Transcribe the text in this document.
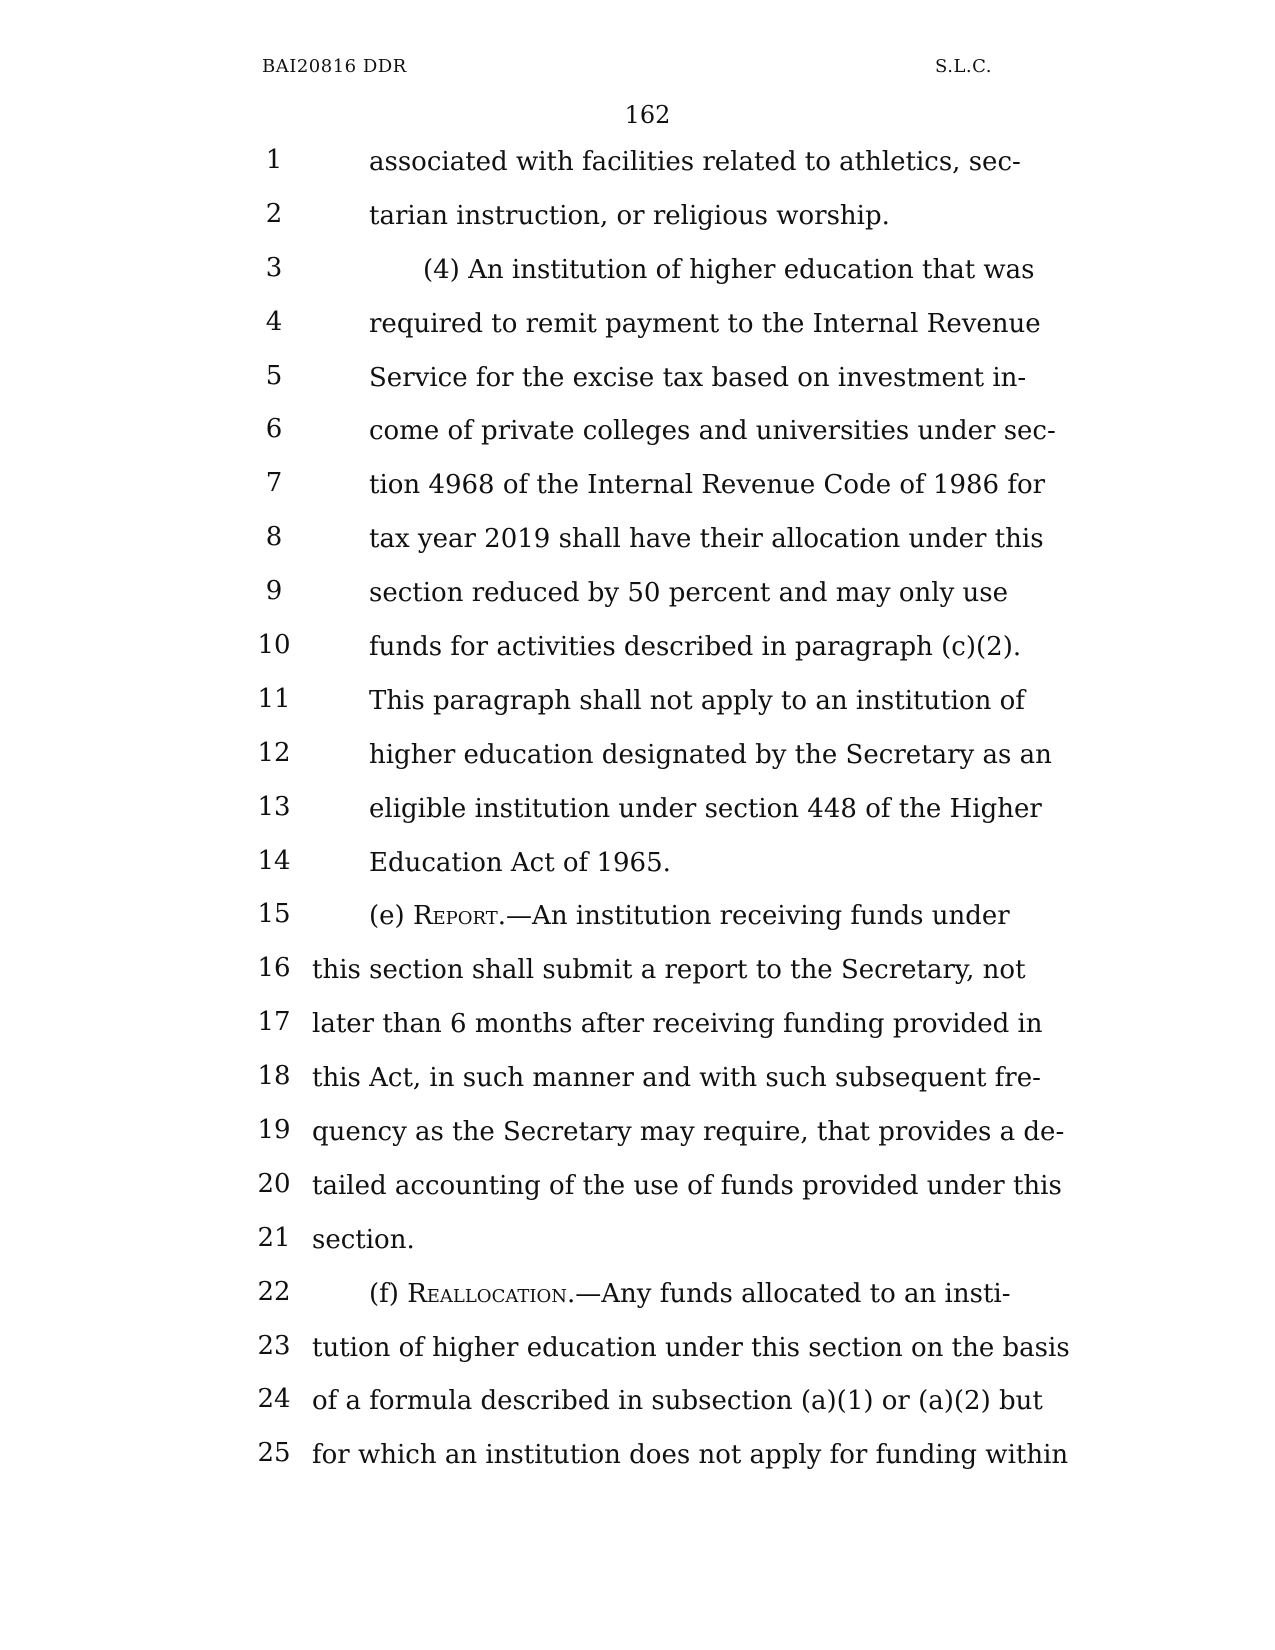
BAI20816 DDR	S.L.C.
162
1	associated with facilities related to athletics, sec-
2	tarian instruction, or religious worship.
3	(4) An institution of higher education that was
4	required to remit payment to the Internal Revenue
5	Service for the excise tax based on investment in-
6	come of private colleges and universities under sec-
7	tion 4968 of the Internal Revenue Code of 1986 for
8	tax year 2019 shall have their allocation under this
9	section reduced by 50 percent and may only use
10	funds for activities described in paragraph (c)(2).
11	This paragraph shall not apply to an institution of
12	higher education designated by the Secretary as an
13	eligible institution under section 448 of the Higher
14	Education Act of 1965.
15	(e) Report.—An institution receiving funds under
16 this section shall submit a report to the Secretary, not
17 later than 6 months after receiving funding provided in
18 this Act, in such manner and with such subsequent fre-
19 quency as the Secretary may require, that provides a de-
20 tailed accounting of the use of funds provided under this
21 section.
22	(f) Reallocation.—Any funds allocated to an insti-
23 tution of higher education under this section on the basis
24 of a formula described in subsection (a)(1) or (a)(2) but
25 for which an institution does not apply for funding within
